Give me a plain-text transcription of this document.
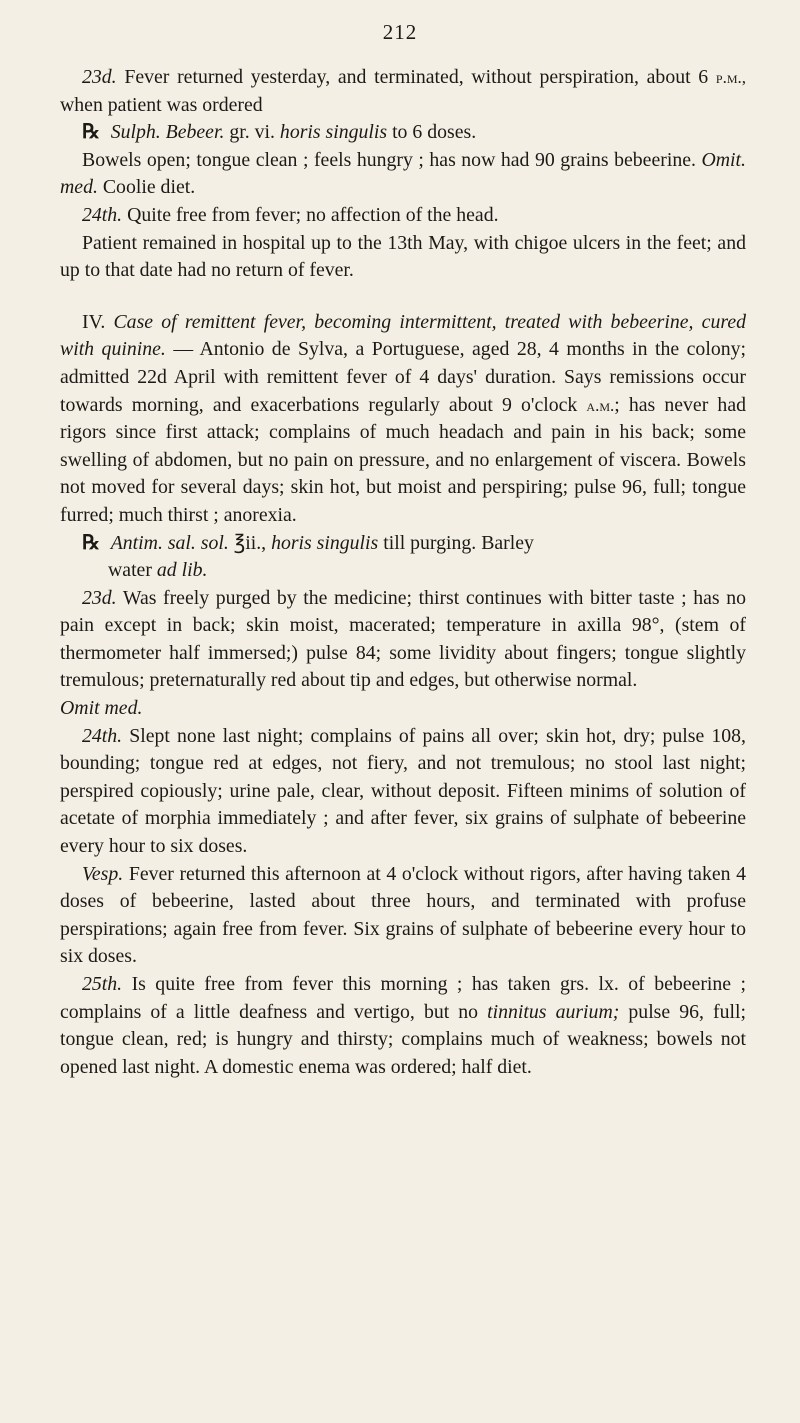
212

23d. Fever returned yesterday, and terminated, without perspiration, about 6 p.m., when patient was ordered

℞ Sulph. Bebeer. gr. vi. horis singulis to 6 doses.

Bowels open; tongue clean ; feels hungry ; has now had 90 grains bebeerine. Omit. med. Coolie diet.

24th. Quite free from fever; no affection of the head.

Patient remained in hospital up to the 13th May, with chigoe ulcers in the feet; and up to that date had no return of fever.

IV. Case of remittent fever, becoming intermittent, treated with bebeerine, cured with quinine. — Antonio de Sylva, a Portuguese, aged 28, 4 months in the colony; admitted 22d April with remittent fever of 4 days' duration. Says remissions occur towards morning, and exacerbations regularly about 9 o'clock a.m.; has never had rigors since first attack; complains of much headach and pain in his back; some swelling of abdomen, but no pain on pressure, and no enlargement of viscera. Bowels not moved for several days; skin hot, but moist and perspiring; pulse 96, full; tongue furred; much thirst ; anorexia.

℞ Antim. sal. sol. ℥ii., horis singulis till purging. Barley
water ad lib.

23d. Was freely purged by the medicine; thirst continues with bitter taste ; has no pain except in back; skin moist, macerated; temperature in axilla 98°, (stem of thermometer half immersed;) pulse 84; some lividity about fingers; tongue slightly tremulous; preternaturally red about tip and edges, but otherwise normal.

Omit med.

24th. Slept none last night; complains of pains all over; skin hot, dry; pulse 108, bounding; tongue red at edges, not fiery, and not tremulous; no stool last night; perspired copiously; urine pale, clear, without deposit. Fifteen minims of solution of acetate of morphia immediately ; and after fever, six grains of sulphate of bebeerine every hour to six doses.

Vesp. Fever returned this afternoon at 4 o'clock without rigors, after having taken 4 doses of bebeerine, lasted about three hours, and terminated with profuse perspirations; again free from fever. Six grains of sulphate of bebeerine every hour to six doses.

25th. Is quite free from fever this morning ; has taken grs. lx. of bebeerine ; complains of a little deafness and vertigo, but no tinnitus aurium; pulse 96, full; tongue clean, red; is hungry and thirsty; complains much of weakness; bowels not opened last night. A domestic enema was ordered; half diet.
